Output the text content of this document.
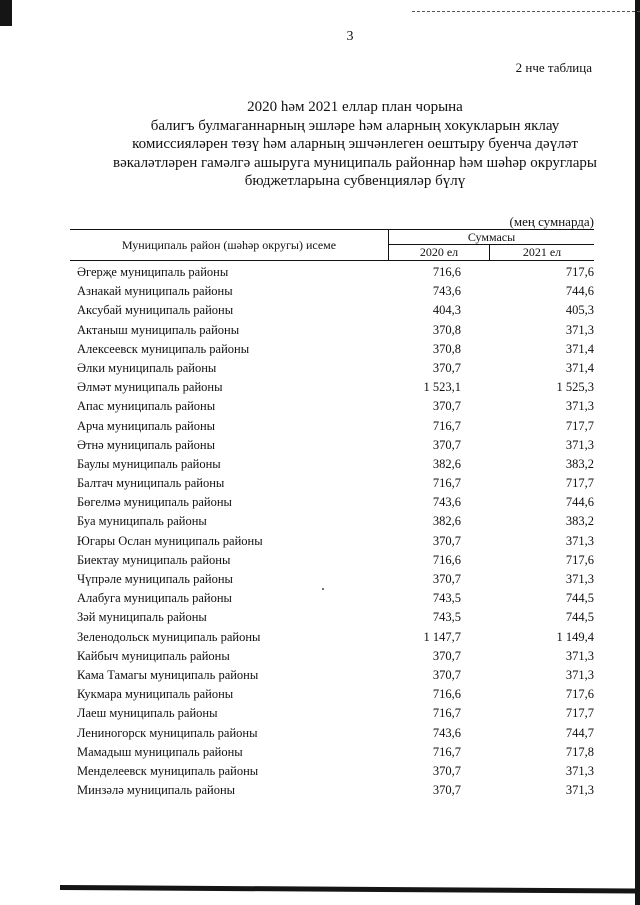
3
2 нче таблица
2020 һәм 2021 еллар план чорына
балигъ булмаганнарның эшләре һәм аларның хокукларын яклау
комиссияләрен төзү һәм аларның эшчәнлеген оештыру буенча дәүләт
вәкаләтләрен гамәлгә ашыруга муниципаль районнар һәм шәһәр округлары
бюджетларына субвенцияләр бүлү
(мең сумнарда)
Муниципаль район (шәһәр округы) исеме
Суммасы
2020 ел	2021 ел
Әгерҗе муниципаль районы	716,6	717,6
Азнакай муниципаль районы	743,6	744,6
Аксубай муниципаль районы	404,3	405,3
Актаныш муниципаль районы	370,8	371,3
Алексеевск муниципаль районы	370,8	371,4
Әлки муниципаль районы	370,7	371,4
Әлмәт муниципаль районы	1 523,1	1 525,3
Апас муниципаль районы	370,7	371,3
Арча муниципаль районы	716,7	717,7
Әтнә муниципаль районы	370,7	371,3
Баулы муниципаль районы	382,6	383,2
Балтач муниципаль районы	716,7	717,7
Бөгелмә муниципаль районы	743,6	744,6
Буа муниципаль районы	382,6	383,2
Югары Ослан муниципаль районы	370,7	371,3
Биектау муниципаль районы	716,6	717,6
Чүпрәле муниципаль районы	370,7	371,3
Алабуга муниципаль районы	743,5	744,5
Зәй муниципаль районы	743,5	744,5
Зеленодольск муниципаль районы	1 147,7	1 149,4
Кайбыч муниципаль районы	370,7	371,3
Кама Тамагы муниципаль районы	370,7	371,3
Кукмара муниципаль районы	716,6	717,6
Лаеш муниципаль районы	716,7	717,7
Лениногорск муниципаль районы	743,6	744,7
Мамадыш муниципаль районы	716,7	717,8
Менделеевск муниципаль районы	370,7	371,3
Минзәлә муниципаль районы	370,7	371,3
